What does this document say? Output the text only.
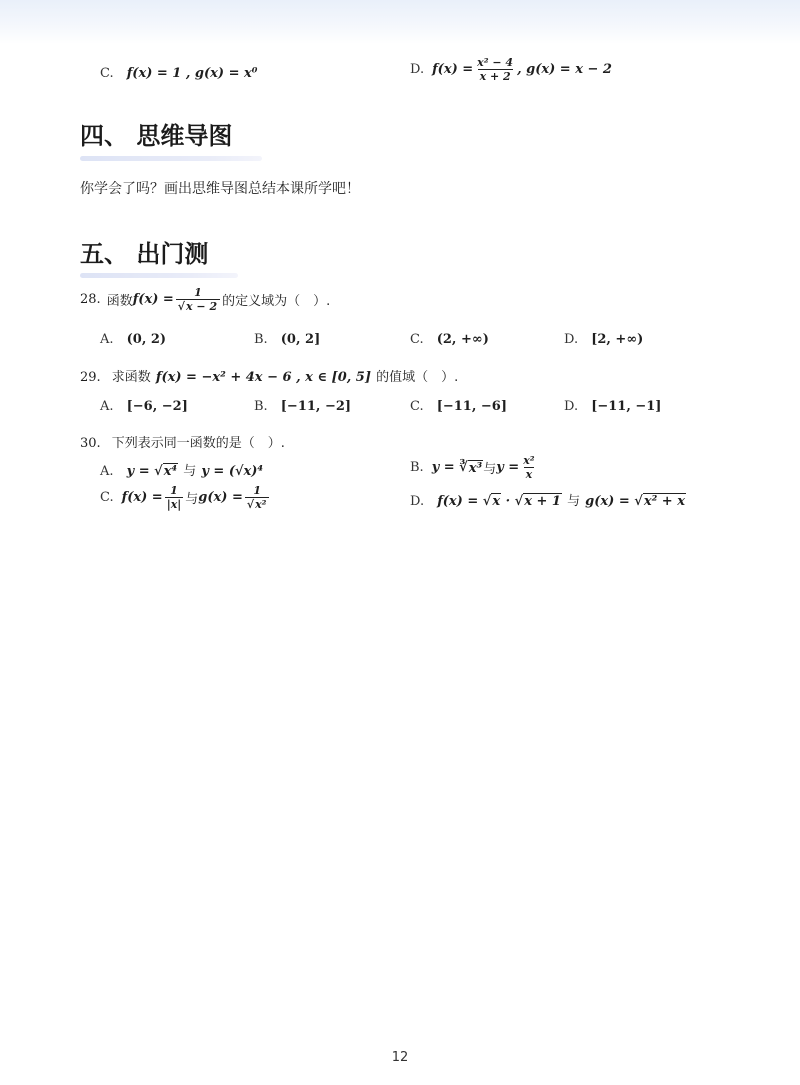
C. f(x) = 1 , g(x) = x⁰	D. $f(x) = \frac{\text{x² − 4}}{x + 2}$ , g(x) = x − 2
四、 思维导图
你学会了吗？画出思维导图总结本课所学吧！
五、 出门测
28. 函数 $f(x) = \frac{1}{√x - 2}$ 的定义域为（　）.
A. (0, 2)	B. (0, 2]	C. (2, +∞)	D. [2, +∞)
29. 求函数 f(x) = −x² + 4x − 6 , x ∈ [0, 5] 的值域（　）.
A. [−6, −2]	B. [−11, −2]	C. [−11, −6]	D. [−11, −1]
30. 下列表示同一函数的是（　）.
A. y = √x⁴ 与 y = (√x)⁴	B. y = ∛ x³ 与 $y = \frac{\text{x²}}{x}$
C. $f(x) = \frac{1}{|x|}$ 与 $g(x) = \frac{1}{\text{√x²}}$	D. f(x) = √x · √x + 1 与 g(x) = √x² + x
12
